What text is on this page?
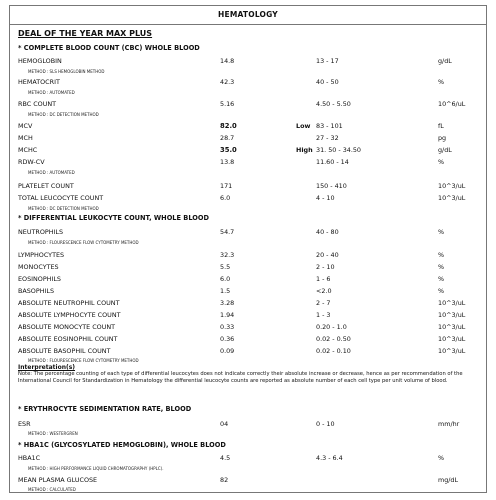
HEMATOLOGY
DEAL OF THE YEAR MAX PLUS
* COMPLETE BLOOD COUNT (CBC) WHOLE BLOOD
HEMOGLOBIN	14.8	13 - 17	g/dL
METHOD : SLS HEMOGLOBIN METHOD
HEMATOCRIT	42.3	40 - 50	%
METHOD : AUTOMATED
RBC COUNT	5.16	4.50 - 5.50	10^6/uL
METHOD : DC DETECTION METHOD
MCV	82.0	Low 83 - 101	fL
MCH	28.7	27 - 32	pg
MCHC	35.0	High 31. 50 - 34.50	g/dL
RDW-CV	13.8	11.60 - 14	%
METHOD : AUTOMATED
PLATELET COUNT	171	150 - 410	10^3/uL
TOTAL LEUCOCYTE COUNT	6.0	4 - 10	10^3/uL
METHOD : DC DETECTION METHOD
* DIFFERENTIAL LEUKOCYTE COUNT, WHOLE BLOOD
NEUTROPHILS	54.7	40 - 80	%
METHOD : FLOURESCENCE FLOW CYTOMETRY METHOD
LYMPHOCYTES	32.3	20 - 40	%
MONOCYTES	5.5	2 - 10	%
EOSINOPHILS	6.0	1 - 6	%
BASOPHILS	1.5	<2.0	%
ABSOLUTE NEUTROPHIL COUNT	3.28	2 - 7	10^3/uL
ABSOLUTE LYMPHOCYTE COUNT	1.94	1 - 3	10^3/uL
ABSOLUTE MONOCYTE COUNT	0.33	0.20 - 1.0	10^3/uL
ABSOLUTE EOSINOPHIL COUNT	0.36	0.02 - 0.50	10^3/uL
ABSOLUTE BASOPHIL COUNT	0.09	0.02 - 0.10	10^3/uL
METHOD : FLOURESCENCE FLOW CYTOMETRY METHOD
Interpretation(s)
Note: The percentage counting of each type of differential leucocytes does not indicate correctly their absolute increase or decrease, hence as per recommendation of the International Council for Standardization in Hematology the differential leucocyte counts are reported as absolute number of each cell type per unit volume of blood.
* ERYTHROCYTE SEDIMENTATION RATE, BLOOD
ESR	04	0 - 10	mm/hr
METHOD : WESTERGREN
* HBA1C (GLYCOSYLATED HEMOGLOBIN), WHOLE BLOOD
HBA1C	4.5	4.3 - 6.4	%
METHOD : HIGH PERFORMANCE LIQUID CHROMATOGRAPHY (HPLC).
MEAN PLASMA GLUCOSE	82	mg/dL
METHOD : CALCULATED
